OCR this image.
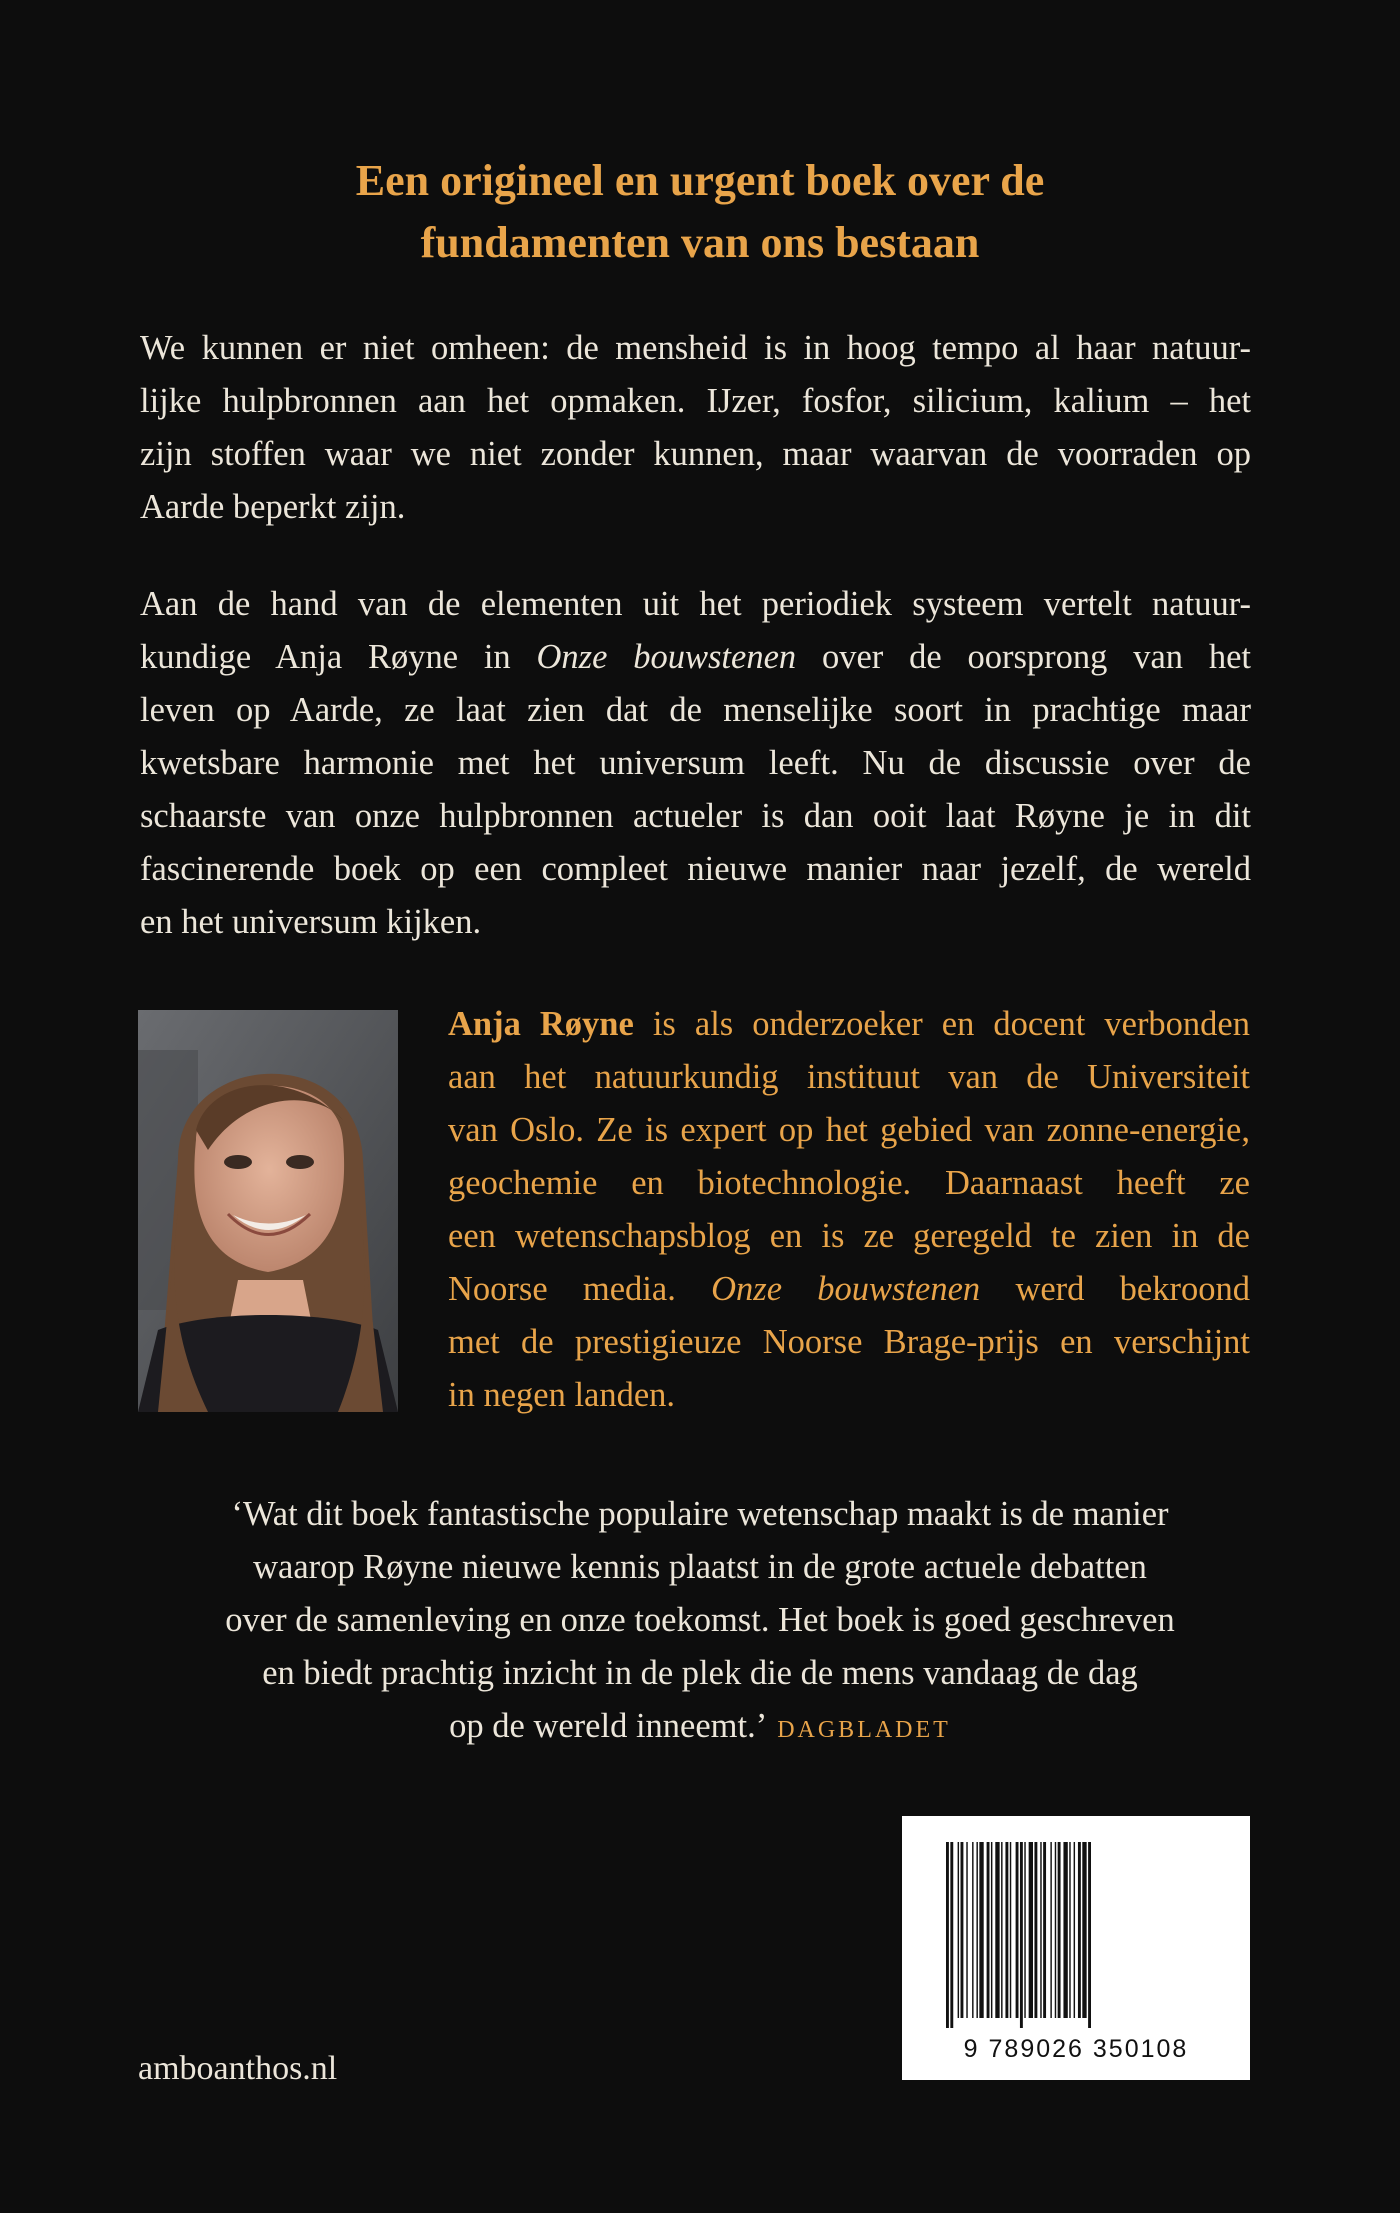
Een origineel en urgent boek over de
fundamenten van ons bestaan

We kunnen er niet omheen: de mensheid is in hoog tempo al haar natuur-
lijke hulpbronnen aan het opmaken. IJzer, fosfor, silicium, kalium – het
zijn stoffen waar we niet zonder kunnen, maar waarvan de voorraden op
Aarde beperkt zijn.

Aan de hand van de elementen uit het periodiek systeem vertelt natuur-
kundige Anja Røyne in Onze bouwstenen over de oorsprong van het
leven op Aarde, ze laat zien dat de menselijke soort in prachtige maar
kwetsbare harmonie met het universum leeft. Nu de discussie over de
schaarste van onze hulpbronnen actueler is dan ooit laat Røyne je in dit
fascinerende boek op een compleet nieuwe manier naar jezelf, de wereld
en het universum kijken.

Anja Røyne is als onderzoeker en docent verbonden
aan het natuurkundig instituut van de Universiteit
van Oslo. Ze is expert op het gebied van zonne-energie,
geochemie en biotechnologie. Daarnaast heeft ze
een wetenschapsblog en is ze geregeld te zien in de
Noorse media. Onze bouwstenen werd bekroond
met de prestigieuze Noorse Brage-prijs en verschijnt
in negen landen.

‘Wat dit boek fantastische populaire wetenschap maakt is de manier
waarop Røyne nieuwe kennis plaatst in de grote actuele debatten
over de samenleving en onze toekomst. Het boek is goed geschreven
en biedt prachtig inzicht in de plek die de mens vandaag de dag
op de wereld inneemt.’ DAGBLADET

amboanthos.nl
9 789026 350108
